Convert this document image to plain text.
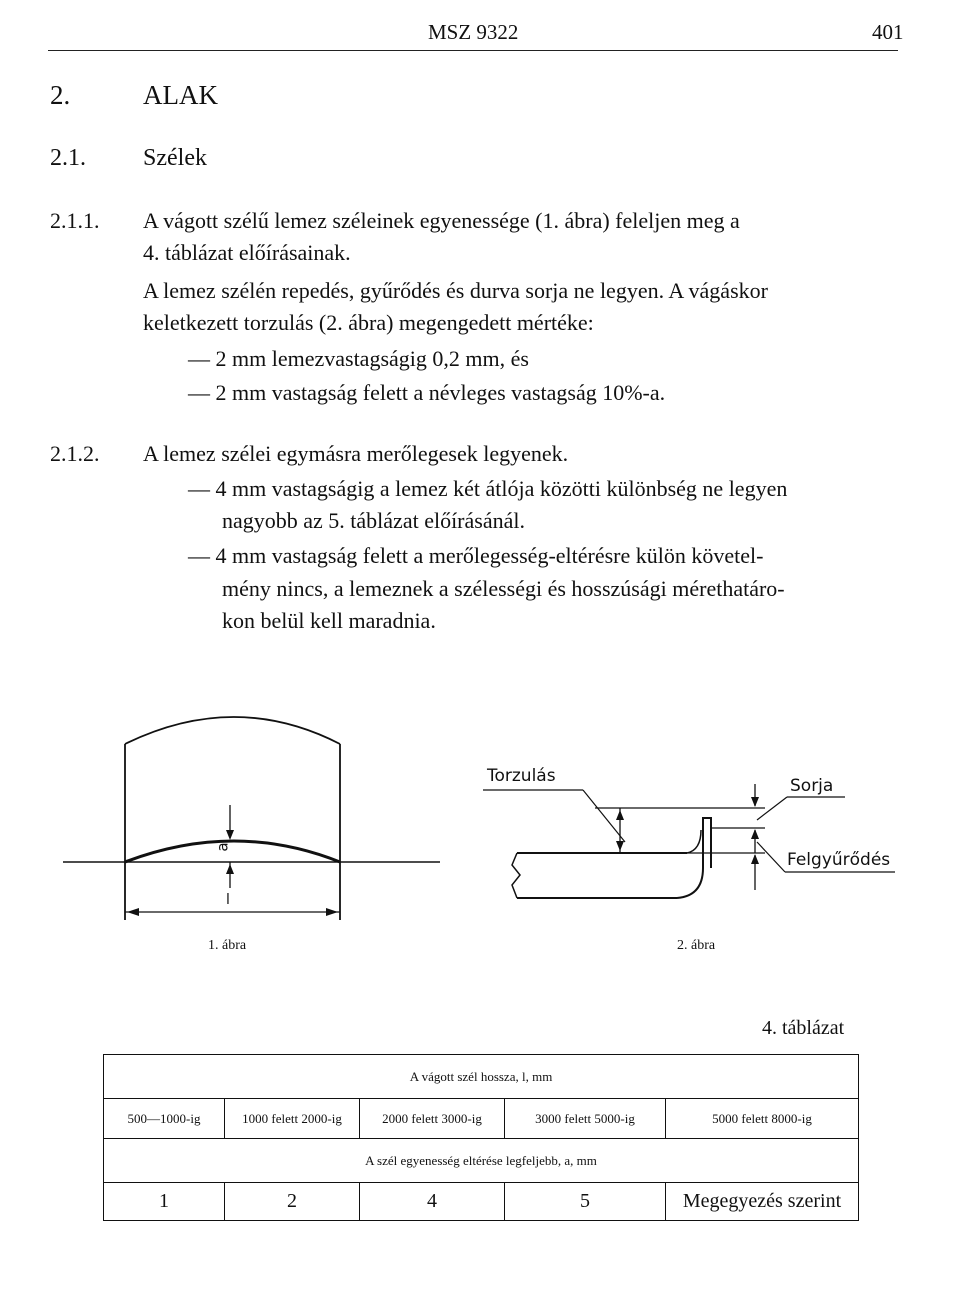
MSZ 9322	401
2.	ALAK
2.1. Szélek
2.1.1. A vágott szélű lemez széleinek egyenessége (1. ábra) feleljen meg a
4. táblázat előírásainak.
A lemez szélén repedés, gyűrődés és durva sorja ne legyen. A vágáskor
keletkezett torzulás (2. ábra) megengedett mértéke:
— 2 mm lemezvastagságig 0,2 mm, és
— 2 mm vastagság felett a névleges vastagság 10%-a.
2.1.2. A lemez szélei egymásra merőlegesek legyenek.
— 4 mm vastagságig a lemez két átlója közötti különbség ne legyen
nagyobb az 5. táblázat előírásánál.
— 4 mm vastagság felett a merőlegesség-eltérésre külön követel-
mény nincs, a lemeznek a szélességi és hosszúsági mérethatáro-
kon belül kell maradnia.
a
l
1. ábra
Torzulás	Sorja
Felgyűrődés
2. ábra
4. táblázat
A vágott szél hossza, l, mm				
500—1000-ig	1000 felett 2000-ig	2000 felett 3000-ig	3000 felett 5000-ig	5000 felett 8000-ig
A szél egyenesség eltérése legfeljebb, a, mm				
1	2	4	5	Megegyezés szerint
